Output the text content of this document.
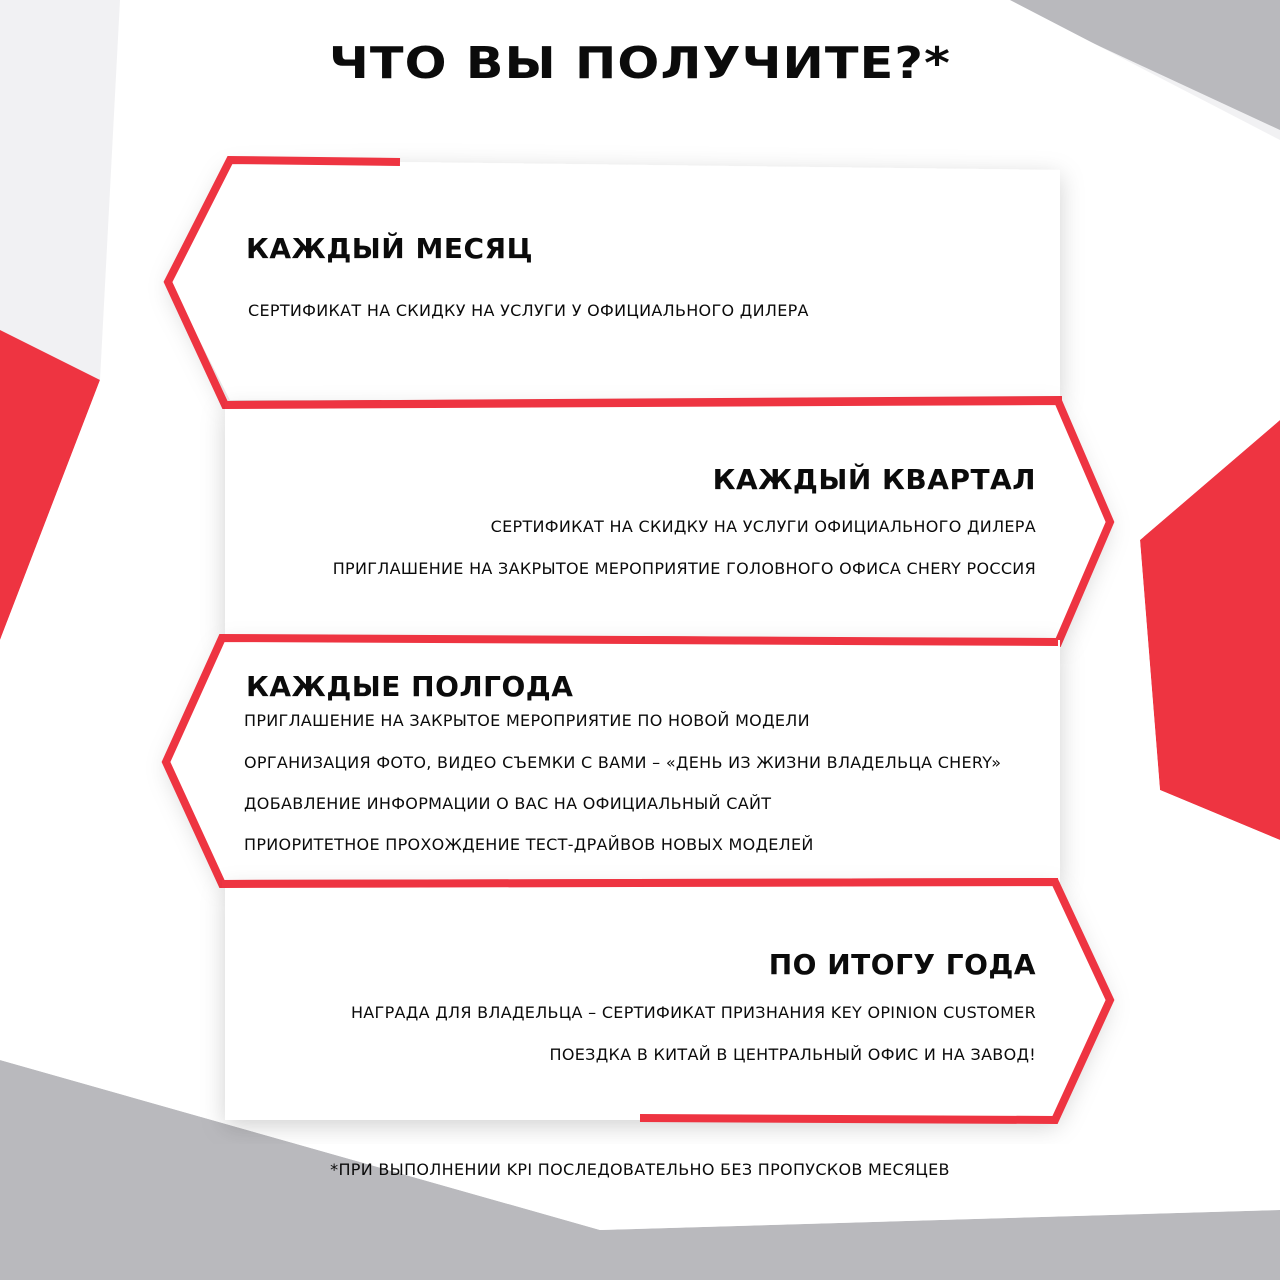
ЧТО ВЫ ПОЛУЧИТЕ?*
КАЖДЫЙ МЕСЯЦ
СЕРТИФИКАТ НА СКИДКУ НА УСЛУГИ У ОФИЦИАЛЬНОГО ДИЛЕРА
КАЖДЫЙ КВАРТАЛ
СЕРТИФИКАТ НА СКИДКУ НА УСЛУГИ ОФИЦИАЛЬНОГО ДИЛЕРА
ПРИГЛАШЕНИЕ НА ЗАКРЫТОЕ МЕРОПРИЯТИЕ ГОЛОВНОГО ОФИСА CHERY РОССИЯ
КАЖДЫЕ ПОЛГОДА
ПРИГЛАШЕНИЕ НА ЗАКРЫТОЕ МЕРОПРИЯТИЕ ПО НОВОЙ МОДЕЛИ
ОРГАНИЗАЦИЯ ФОТО, ВИДЕО СЪЕМКИ С ВАМИ – «ДЕНЬ ИЗ ЖИЗНИ ВЛАДЕЛЬЦА CHERY»
ДОБАВЛЕНИЕ ИНФОРМАЦИИ О ВАС НА ОФИЦИАЛЬНЫЙ САЙТ
ПРИОРИТЕТНОЕ ПРОХОЖДЕНИЕ ТЕСТ-ДРАЙВОВ НОВЫХ МОДЕЛЕЙ
ПО ИТОГУ ГОДА
НАГРАДА ДЛЯ ВЛАДЕЛЬЦА – СЕРТИФИКАТ ПРИЗНАНИЯ KEY OPINION CUSTOMER
ПОЕЗДКА В КИТАЙ В ЦЕНТРАЛЬНЫЙ ОФИС И НА ЗАВОД!
*ПРИ ВЫПОЛНЕНИИ KPI ПОСЛЕДОВАТЕЛЬНО БЕЗ ПРОПУСКОВ МЕСЯЦЕВ
